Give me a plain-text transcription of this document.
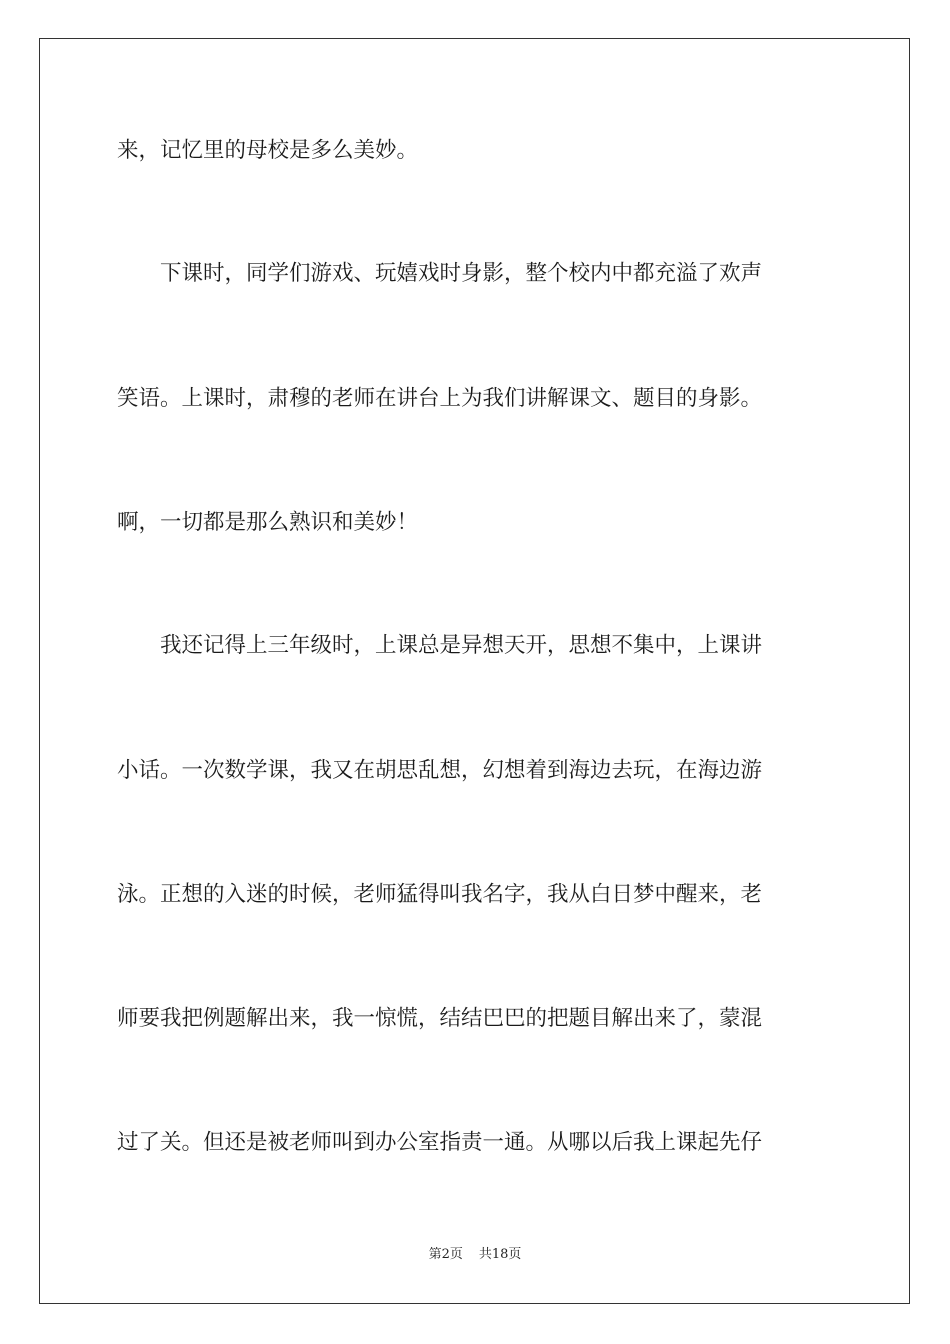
来，记忆里的母校是多么美妙。
　　下课时，同学们游戏、玩嬉戏时身影，整个校内中都充溢了欢声
笑语。上课时，肃穆的老师在讲台上为我们讲解课文、题目的身影。
啊，一切都是那么熟识和美妙！
　　我还记得上三年级时，上课总是异想天开，思想不集中，上课讲
小话。一次数学课，我又在胡思乱想，幻想着到海边去玩，在海边游
泳。正想的入迷的时候，老师猛得叫我名字，我从白日梦中醒来，老
师要我把例题解出来，我一惊慌，结结巴巴的把题目解出来了，蒙混
过了关。但还是被老师叫到办公室指责一通。从哪以后我上课起先仔
第2页 共18页
